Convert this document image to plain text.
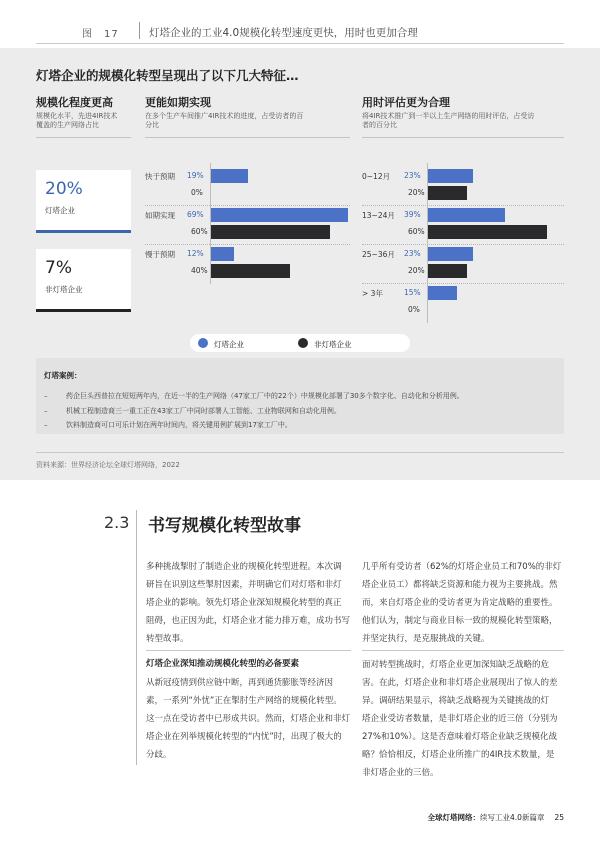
图　17	灯塔企业的工业4.0规模化转型速度更快，用时也更加合理
灯塔企业的规模化转型呈现出了以下几大特征…
规模化程度更高
规模化水平，先进4IR技术
覆盖的生产网络占比
20%
灯塔企业
7%
非灯塔企业
更能如期实现
在多个生产车间推广4IR技术的进度，占受访者的百
分比
快于预期 19%
0%
如期实现 69%
60%
慢于预期 12%
40%
用时评估更为合理
将4IR技术推广到一半以上生产网络的用时评估，占受访
者的百分比
0~12月 23%
20%
13~24月 39%
60%
25~36月 23%
20%
> 3年	15%
0%
灯塔企业	非灯塔企业
灯塔案例：
–	药企巨头西普拉在短短两年内，在近一半的生产网络（47家工厂中的22个）中规模化部署了30多个数字化、自动化和分析用例。
–	机械工程制造商三一重工正在43家工厂中同时部署人工智能、工业物联网和自动化用例。
–	饮料制造商可口可乐计划在两年时间内，将关键用例扩展到17家工厂中。
资料来源：世界经济论坛全球灯塔网络，2022
2.3 书写规模化转型故事
多种挑战掣肘了制造企业的规模化转型进程。本次调
研旨在识别这些掣肘因素，并明确它们对灯塔和非灯
塔企业的影响。领先灯塔企业深知规模化转型的真正
阻碍，也正因为此，灯塔企业才能力排万难，成功书写
转型故事。
灯塔企业深知推动规模化转型的必备要素
从新冠疫情到供应链中断，再到通货膨胀等经济因
素，一系列“外忧”正在掣肘生产网络的规模化转型。
这一点在受访者中已形成共识。然而，灯塔企业和非灯
塔企业在列举规模化转型的“内忧”时，出现了极大的
分歧。
几乎所有受访者（62%的灯塔企业员工和70%的非灯
塔企业员工）都将缺乏资源和能力视为主要挑战。然
而，来自灯塔企业的受访者更为肯定战略的重要性。
他们认为，制定与商业目标一致的规模化转型策略，
并坚定执行，是克服挑战的关键。
面对转型挑战时，灯塔企业更加深知缺乏战略的危
害。在此，灯塔企业和非灯塔企业展现出了惊人的差
异。调研结果显示，将缺乏战略视为关键挑战的灯
塔企业受访者数量，是非灯塔企业的近三倍（分别为
27%和10%）。这是否意味着灯塔企业缺乏规模化战
略？恰恰相反，灯塔企业所推广的4IR技术数量，是
非灯塔企业的三倍。
全球灯塔网络：续写工业4.0新篇章 25
